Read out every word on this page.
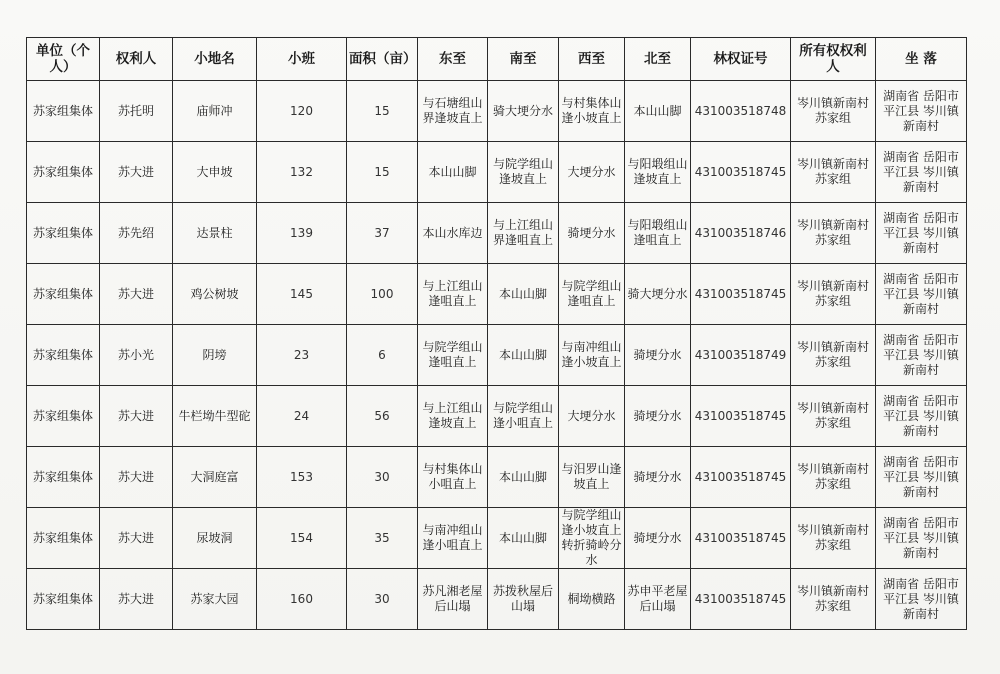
单位（个人）	权利人	小地名	小班	面积（亩）	东至	南至	西至	北至	林权证号	所有权权利人	坐 落
苏家组集体	苏托明	庙师冲	120	15	与石塘组山界逢坡直上	骑大埂分水	与村集体山逢小坡直上	本山山脚	431003518748	岑川镇新南村苏家组	湖南省 岳阳市平江县 岑川镇新南村
苏家组集体	苏大进	大申坡	132	15	本山山脚	与院学组山逢坡直上	大埂分水	与阳塅组山逢坡直上	431003518745	岑川镇新南村苏家组	湖南省 岳阳市平江县 岑川镇新南村
苏家组集体	苏先绍	达景柱	139	37	本山水库边	与上江组山界逢咀直上	骑埂分水	与阳塅组山逢咀直上	431003518746	岑川镇新南村苏家组	湖南省 岳阳市平江县 岑川镇新南村
苏家组集体	苏大进	鸡公树坡	145	100	与上江组山逢咀直上	本山山脚	与院学组山逢咀直上	骑大埂分水	431003518745	岑川镇新南村苏家组	湖南省 岳阳市平江县 岑川镇新南村
苏家组集体	苏小光	阴塝	23	6	与院学组山逢咀直上	本山山脚	与南冲组山逢小坡直上	骑埂分水	431003518749	岑川镇新南村苏家组	湖南省 岳阳市平江县 岑川镇新南村
苏家组集体	苏大进	牛栏坳牛型砣	24	56	与上江组山逢坡直上	与院学组山逢小咀直上	大埂分水	骑埂分水	431003518745	岑川镇新南村苏家组	湖南省 岳阳市平江县 岑川镇新南村
苏家组集体	苏大进	大洞庭富	153	30	与村集体山小咀直上	本山山脚	与汨罗山逢坡直上	骑埂分水	431003518745	岑川镇新南村苏家组	湖南省 岳阳市平江县 岑川镇新南村
苏家组集体	苏大进	尿坡洞	154	35	与南冲组山逢小咀直上	本山山脚	与院学组山逢小坡直上转折骑岭分水	骑埂分水	431003518745	岑川镇新南村苏家组	湖南省 岳阳市平江县 岑川镇新南村
苏家组集体	苏大进	苏家大园	160	30	苏凡湘老屋后山塌	苏拨秋屋后山塌	桐坳横路	苏申平老屋后山塌	431003518745	岑川镇新南村苏家组	湖南省 岳阳市平江县 岑川镇新南村
